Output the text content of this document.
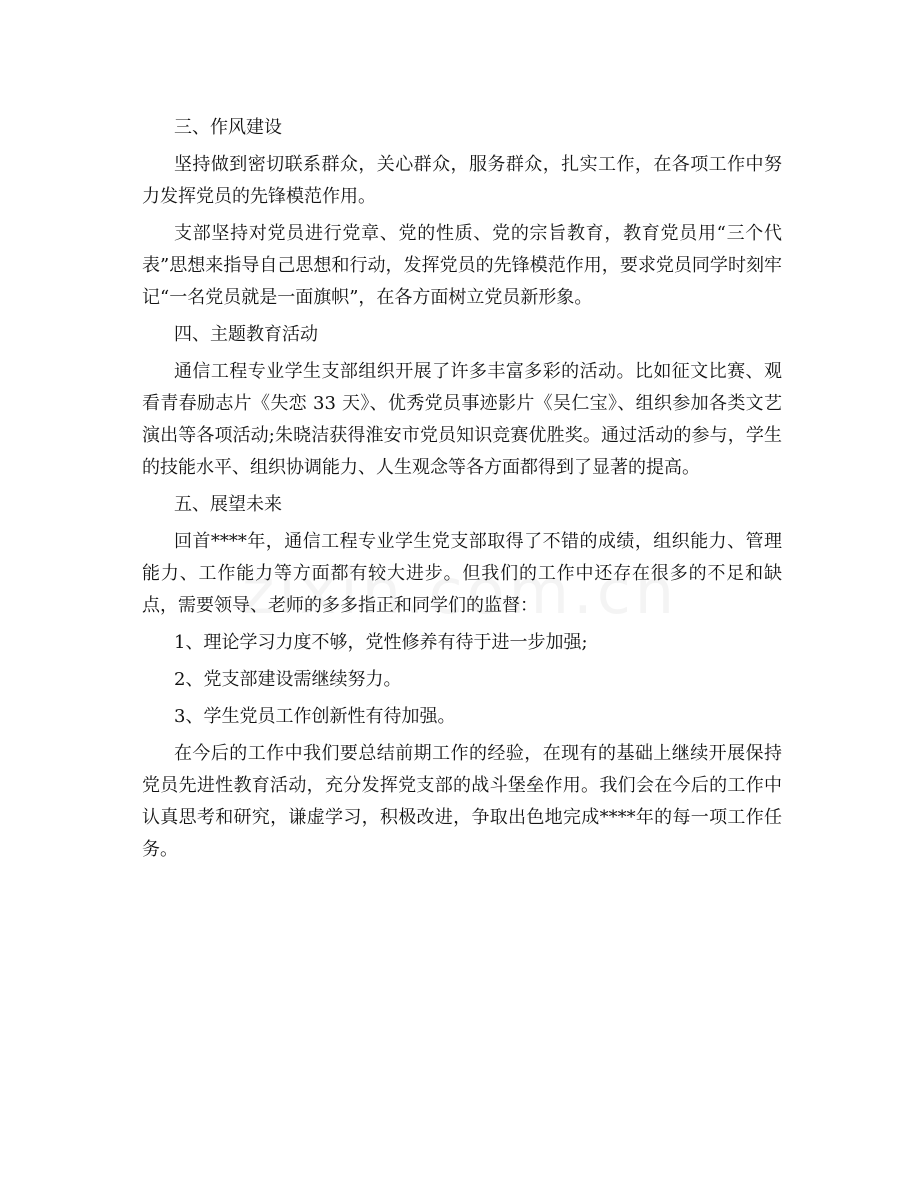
三、作风建设

坚持做到密切联系群众，关心群众，服务群众，扎实工作，在各项工作中努力发挥党员的先锋模范作用。

支部坚持对党员进行党章、党的性质、党的宗旨教育，教育党员用“三个代表”思想来指导自己思想和行动，发挥党员的先锋模范作用，要求党员同学时刻牢记“一名党员就是一面旗帜”，在各方面树立党员新形象。

四、主题教育活动

通信工程专业学生支部组织开展了许多丰富多彩的活动。比如征文比赛、观看青春励志片《失恋 33 天》、优秀党员事迹影片《吴仁宝》、组织参加各类文艺演出等各项活动;朱晓洁获得淮安市党员知识竞赛优胜奖。通过活动的参与，学生的技能水平、组织协调能力、人生观念等各方面都得到了显著的提高。

五、展望未来

回首****年，通信工程专业学生党支部取得了不错的成绩，组织能力、管理能力、工作能力等方面都有较大进步。但我们的工作中还存在很多的不足和缺点，需要领导、老师的多多指正和同学们的监督：

1、理论学习力度不够，党性修养有待于进一步加强;

2、党支部建设需继续努力。

3、学生党员工作创新性有待加强。

在今后的工作中我们要总结前期工作的经验，在现有的基础上继续开展保持党员先进性教育活动，充分发挥党支部的战斗堡垒作用。我们会在今后的工作中认真思考和研究，谦虚学习，积极改进，争取出色地完成****年的每一项工作任务。
